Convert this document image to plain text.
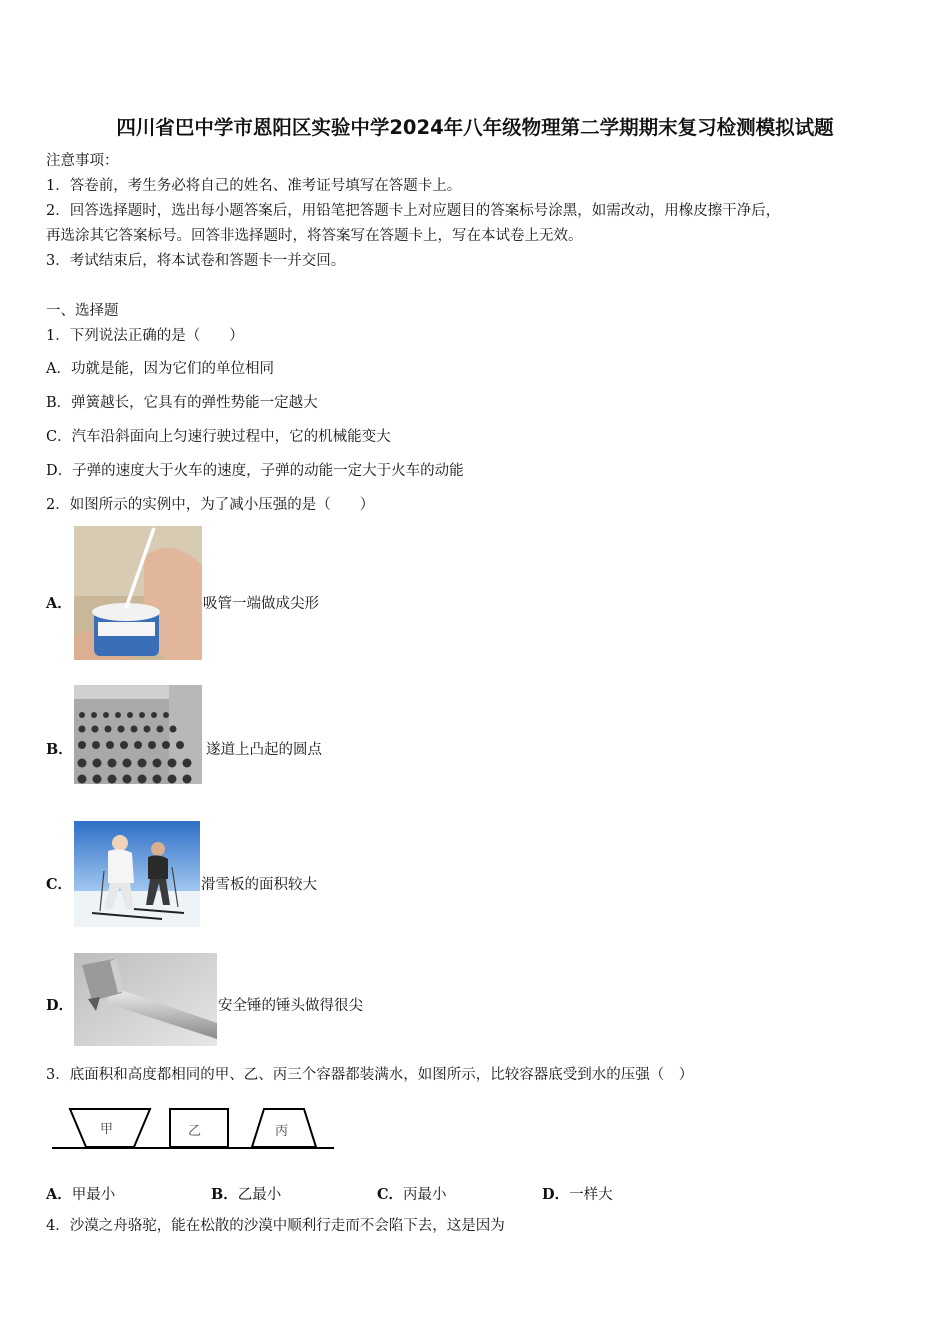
四川省巴中学市恩阳区实验中学2024年八年级物理第二学期期末复习检测模拟试题
注意事项：
1．答卷前，考生务必将自己的姓名、准考证号填写在答题卡上。
2．回答选择题时，选出每小题答案后，用铅笔把答题卡上对应题目的答案标号涂黑，如需改动，用橡皮擦干净后，
再选涂其它答案标号。回答非选择题时，将答案写在答题卡上，写在本试卷上无效。
3．考试结束后，将本试卷和答题卡一并交回。
一、选择题
1．下列说法正确的是（　　）
A．功就是能，因为它们的单位相同
B．弹簧越长，它具有的弹性势能一定越大
C．汽车沿斜面向上匀速行驶过程中，它的机械能变大
D．子弹的速度大于火车的速度，子弹的动能一定大于火车的动能
2．如图所示的实例中，为了减小压强的是（　　）
A．	吸管一端做成尖形
B．	遂道上凸起的圆点
C．	滑雪板的面积较大
D．	安全锤的锤头做得很尖
3．底面积和高度都相同的甲、乙、丙三个容器都装满水，如图所示，比较容器底受到水的压强（　）
甲	乙	丙
A．甲最小	B．乙最小	C．丙最小	D．一样大
4．沙漠之舟骆驼，能在松散的沙漠中顺利行走而不会陷下去，这是因为
